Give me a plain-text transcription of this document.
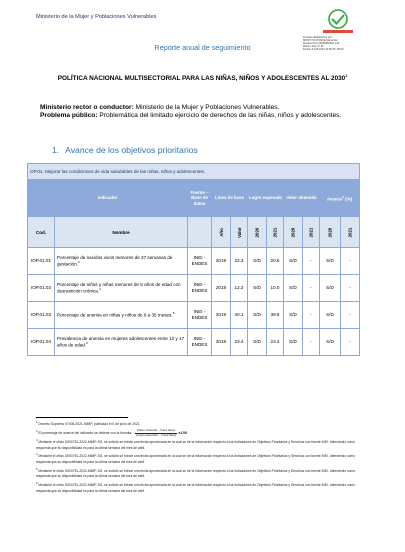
Ministerio de la Mujer y Poblaciones Vulnerables
Firmado digitalmente por:
MONTOYA PONCE Maria Del
Rosario FAU 20336951527 soft
Motivo: Doy V° B°
Fecha: 04.05.2023 10:50:26 -05:00
Reporte anual de seguimiento
POLÍTICA NACIONAL MULTISECTORIAL PARA LAS NIÑAS, NIÑOS Y ADOLESCENTES AL 2030$^1$
Ministerio rector o conductor: Ministerio de la Mujer y Poblaciones Vulnerables.
Problema público: Problemática del limitado ejercicio de derechos de las niñas, niños y adolescentes.
1. Avance de los objetivos prioritarios
OP.01. Mejorar las condiciones de vida saludables de las niñas, niños y adolescentes.										
Indicador		Fuente – Base de datos	Línea de base		Logro esperado		Valor obtenido		Avance$^2$ (%)	
Cod.	Nombre		Año	Valor	2020	2021	2020	2021	2020	2021
IOP.01.01	Porcentaje de nacidos vivos menores de 37 semanas de gestación.$^3$	INEI - ENDES	2019	22.3	S/D	20.6	S/D	-	S/D	-
IOP.01.02	Porcentaje de niños y niñas menores de 5 años de edad con desnutrición crónica.$^4$	INEI - ENDES	2019	12.2	S/D	10.0	S/D	-	S/D	-
IOP.01.03	Porcentaje de anemia en niñas y niños de 6 a 35 meses.$^5$	INEI - ENDES	2019	40.1	S/D	39.8	S/D	-	S/D	-
IOP.01.04	Prevalencia de anemia en mujeres adolescentes entre 12 y 17 años de edad.$^6$	INEI - ENDES	2018	23.4	S/D	23.4	S/D	-	S/D	-
$^1$ Decreto Supremo N°008-2021-MIMP, publicado el 5 de junio de 2021.
$^2$ El porcentaje de avance del indicador se obtiene con la fórmula:
(Valor obtenido − línea base)
(Logro esperado − línea base) x100
$^3$ Mediante el oficio D000751-2022-MIMP-SG, se solicitó se brinde una fecha aproximada en la cual se dé la información respecto a los Indicadores de Objetivos Prioritarios y Servicios con fuente INEI, obteniendo como respuesta que su disponibilidad es para la última semana del mes de abril.
$^4$ Mediante el oficio D000751-2022-MIMP-SG, se solicitó se brinde una fecha aproximada en la cual se dé la información respecto a los Indicadores de Objetivos Prioritarios y Servicios con fuente INEI, obteniendo como respuesta que su disponibilidad es para la última semana del mes de abril.
$^5$ Mediante el oficio D000751-2022-MIMP-SG, se solicitó se brinde una fecha aproximada en la cual se dé la información respecto a los Indicadores de Objetivos Prioritarios y Servicios con fuente INEI, obteniendo como respuesta que su disponibilidad es para la última semana del mes de abril.
$^6$ Mediante el oficio D000751-2022-MIMP-SG, se solicitó se brinde una fecha aproximada en la cual se dé la información respecto a los Indicadores de Objetivos Prioritarios y Servicios con fuente INEI, obteniendo como respuesta que su disponibilidad es para la última semana del mes de abril.
